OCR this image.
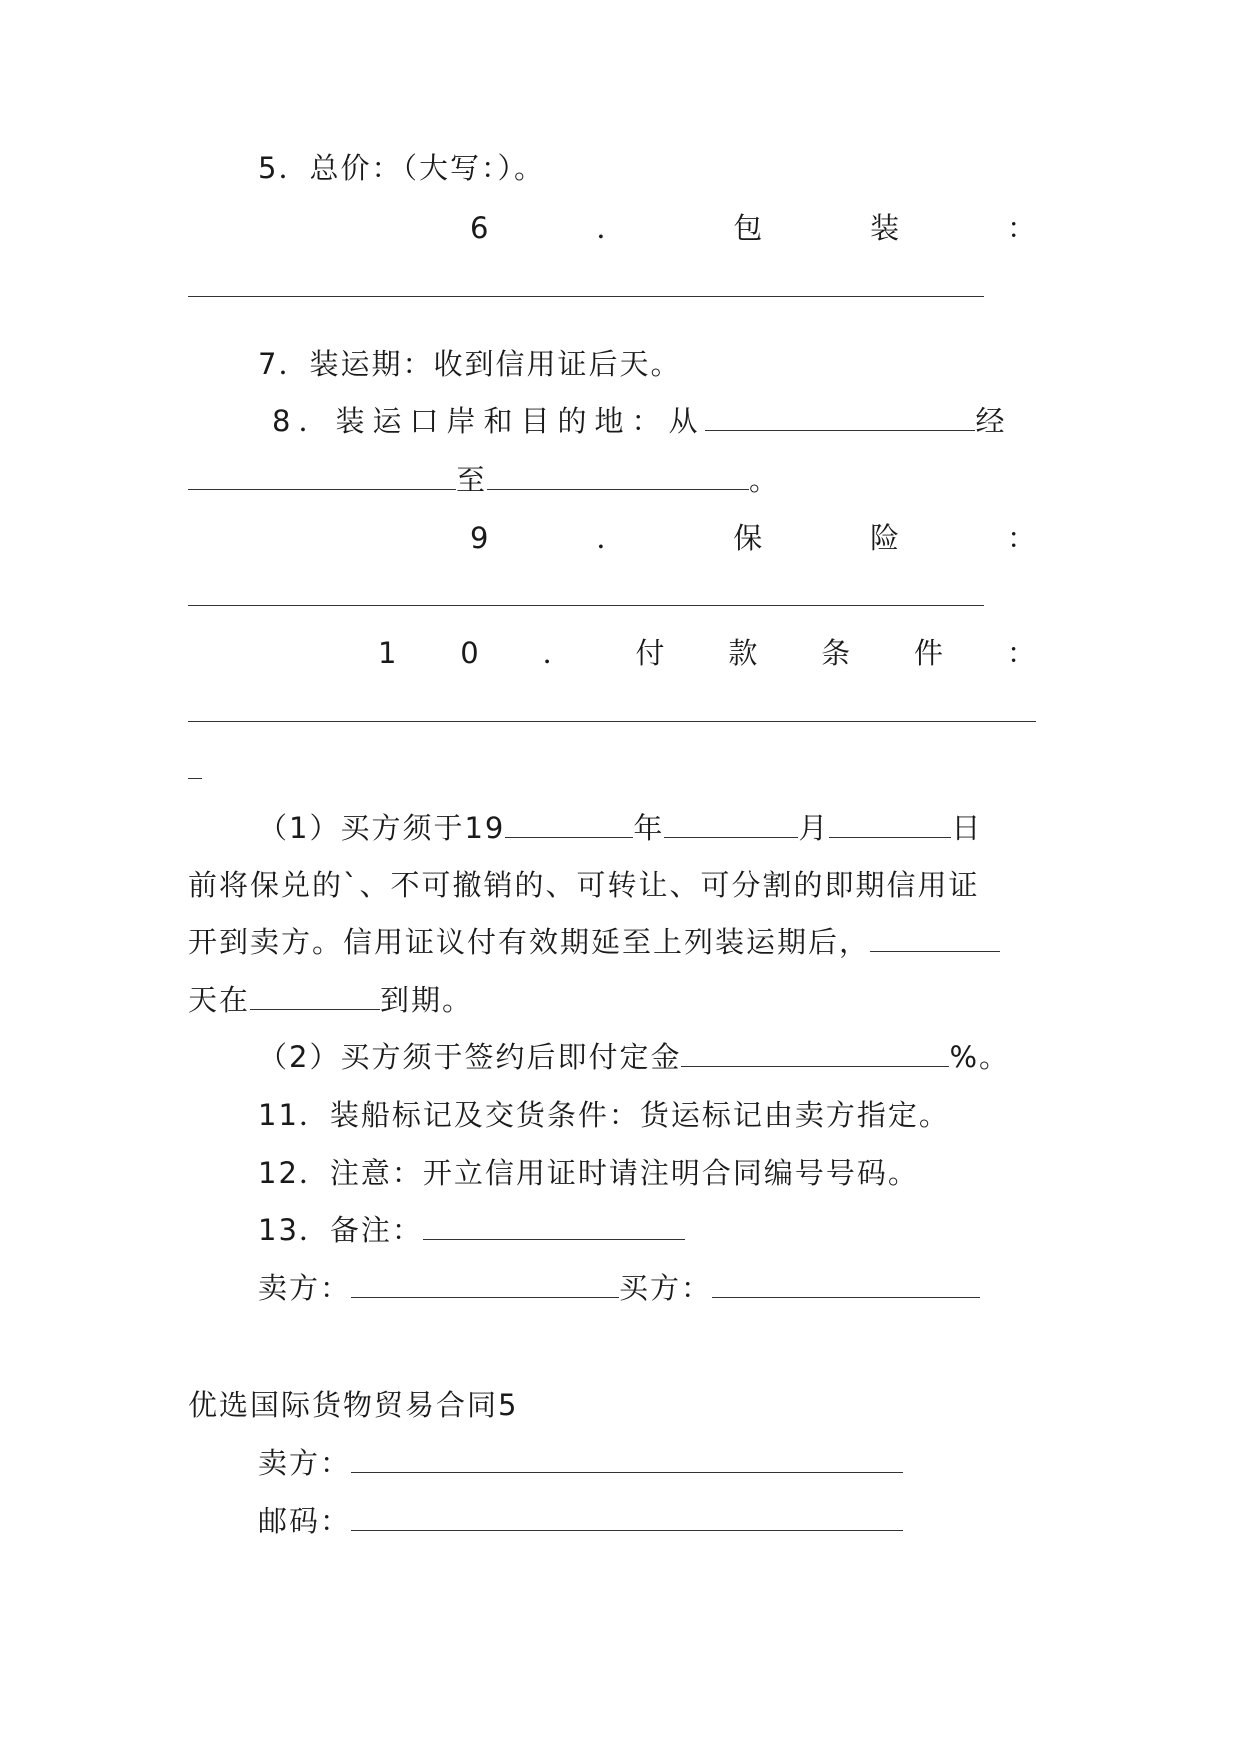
5．总价：（大写：）。
6	．	包	装	：
7．装运期：收到信用证后天。
8．装运口岸和目的地：从	经
至	。
9	．	保	险	：
1 0 ． 付 款 条 件 ：
（1）买方须于19	年	月	日
前将保兑的`、不可撤销的、可转让、可分割的即期信用证
开到卖方。信用证议付有效期延至上列装运期后，
天在	到期。
（2）买方须于签约后即付定金	%。
11．装船标记及交货条件：货运标记由卖方指定。
12．注意：开立信用证时请注明合同编号号码。
13．备注：
卖方：	买方：
优选国际货物贸易合同5
卖方：
邮码：
